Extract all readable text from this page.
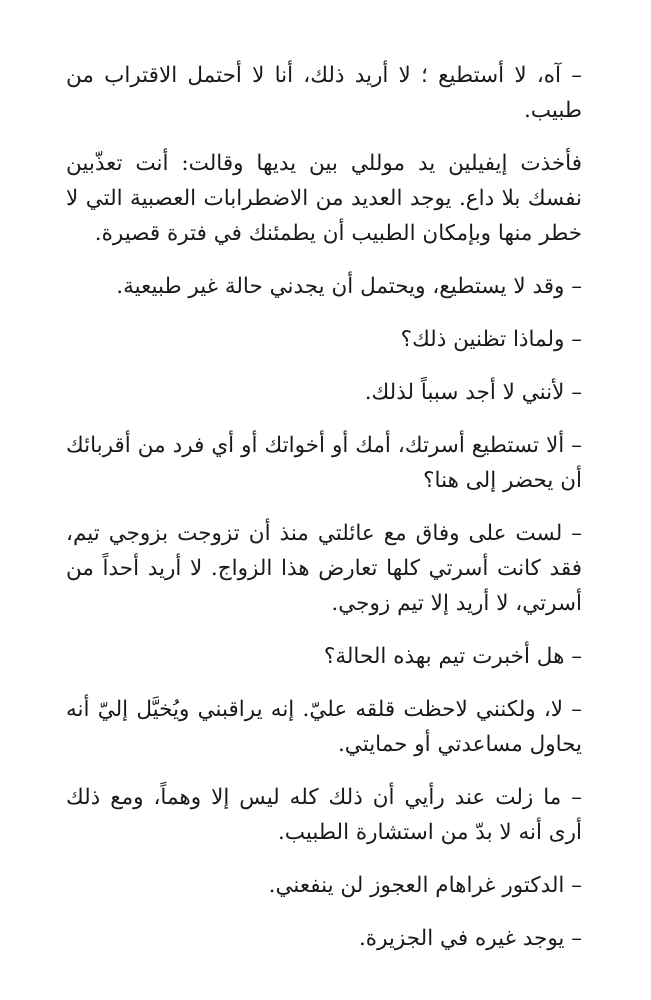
– آه، لا أستطيع ؛ لا أريد ذلك، أنا لا أحتمل الاقتراب من طبيب.

فأخذت إيفيلين يد موللي بين يديها وقالت: أنت تعذّبين نفسك بلا داع. يوجد العديد من الاضطرابات العصبية التي لا خطر منها وبإمكان الطبيب أن يطمئنك في فترة قصيرة.

– وقد لا يستطيع، ويحتمل أن يجدني حالة غير طبيعية.

– ولماذا تظنين ذلك؟

– لأنني لا أجد سبباً لذلك.

– ألا تستطيع أسرتك، أمك أو أخواتك أو أي فرد من أقربائك أن يحضر إلى هنا؟

– لست على وفاق مع عائلتي منذ أن تزوجت بزوجي تيم، فقد كانت أسرتي كلها تعارض هذا الزواج. لا أريد أحداً من أسرتي، لا أريد إلا تيم زوجي.

– هل أخبرت تيم بهذه الحالة؟

– لا، ولكنني لاحظت قلقه عليّ. إنه يراقبني ويُخيَّل إليّ أنه يحاول مساعدتي أو حمايتي.

– ما زلت عند رأيي أن ذلك كله ليس إلا وهماً، ومع ذلك أرى أنه لا بدّ من استشارة الطبيب.

– الدكتور غراهام العجوز لن ينفعني.

– يوجد غيره في الجزيرة.
